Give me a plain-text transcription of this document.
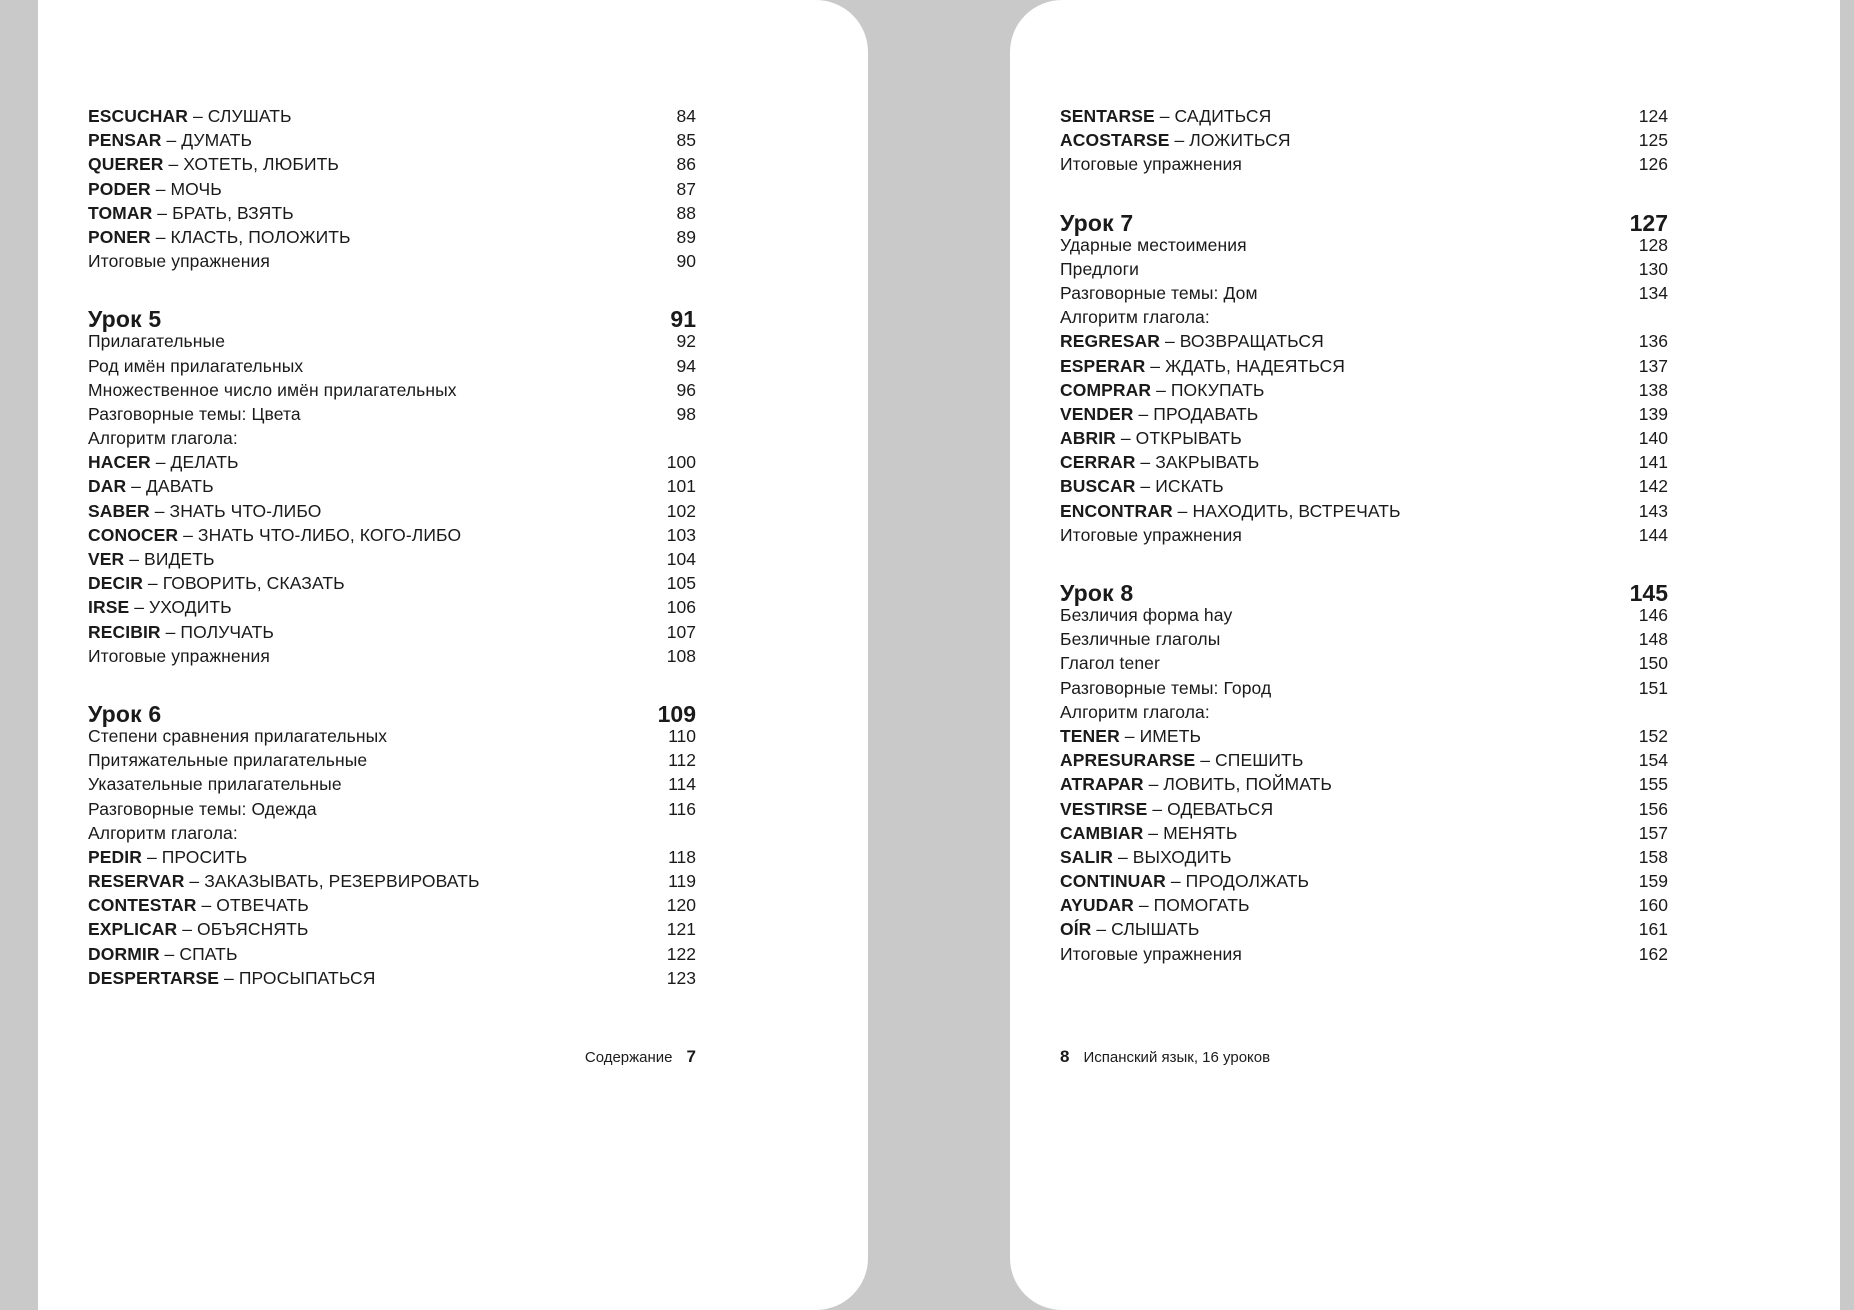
ESCUCHAR – СЛУШАТЬ	84
PENSAR – ДУМАТЬ	85
QUERER – ХОТЕТЬ, ЛЮБИТЬ	86
PODER – МОЧЬ	87
TOMAR – БРАТЬ, ВЗЯТЬ	88
PONER – КЛАСТЬ, ПОЛОЖИТЬ	89
Итоговые упражнения	90
Урок 5	91
Прилагательные	92
Род имён прилагательных	94
Множественное число имён прилагательных	96
Разговорные темы: Цвета	98
Алгоритм глагола:
HACER – ДЕЛАТЬ	100
DAR – ДАВАТЬ	101
SABER – ЗНАТЬ ЧТО-ЛИБО	102
CONOCER – ЗНАТЬ ЧТО-ЛИБО, КОГО-ЛИБО	103
VER – ВИДЕТЬ	104
DECIR – ГОВОРИТЬ, СКАЗАТЬ	105
IRSE – УХОДИТЬ	106
RECIBIR – ПОЛУЧАТЬ	107
Итоговые упражнения	108
Урок 6	109
Степени сравнения прилагательных	110
Притяжательные прилагательные	112
Указательные прилагательные	114
Разговорные темы: Одежда	116
Алгоритм глагола:
PEDIR – ПРОСИТЬ	118
RESERVAR – ЗАКАЗЫВАТЬ, РЕЗЕРВИРОВАТЬ	119
CONTESTAR – ОТВЕЧАТЬ	120
EXPLICAR – ОБЪЯСНЯТЬ	121
DORMIR – СПАТЬ	122
DESPERTARSE – ПРОСЫПАТЬСЯ	123
SENTARSE – САДИТЬСЯ	124
ACOSTARSE – ЛОЖИТЬСЯ	125
Итоговые упражнения	126
Урок 7	127
Ударные местоимения	128
Предлоги	130
Разговорные темы: Дом	134
Алгоритм глагола:
REGRESAR – ВОЗВРАЩАТЬСЯ	136
ESPERAR – ЖДАТЬ, НАДЕЯТЬСЯ	137
COMPRAR – ПОКУПАТЬ	138
VENDER – ПРОДАВАТЬ	139
ABRIR – ОТКРЫВАТЬ	140
CERRAR – ЗАКРЫВАТЬ	141
BUSCAR – ИСКАТЬ	142
ENCONTRAR – НАХОДИТЬ, ВСТРЕЧАТЬ	143
Итоговые упражнения	144
Урок 8	145
Безличия форма hay	146
Безличные глаголы	148
Глагол tener	150
Разговорные темы: Город	151
Алгоритм глагола:
TENER – ИМЕТЬ	152
APRESURARSE – СПЕШИТЬ	154
ATRAPAR – ЛОВИТЬ, ПОЙМАТЬ	155
VESTIRSE – ОДЕВАТЬСЯ	156
CAMBIAR – МЕНЯТЬ	157
SALIR – ВЫХОДИТЬ	158
CONTINUAR – ПРОДОЛЖАТЬ	159
AYUDAR – ПОМОГАТЬ	160
OÍR – СЛЫШАТЬ	161
Итоговые упражнения	162
Содержание 7	8 Испанский язык, 16 уроков
